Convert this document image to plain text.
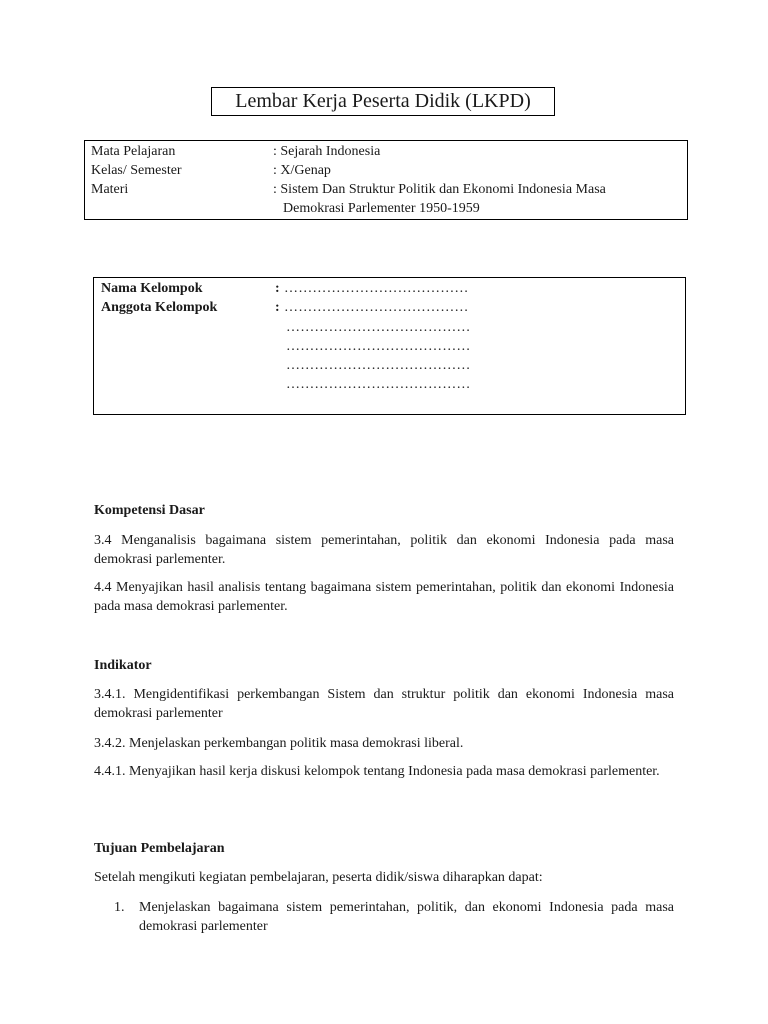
Lembar Kerja Peserta Didik (LKPD)
Mata Pelajaran	: Sejarah Indonesia
Kelas/ Semester	: X/Genap
Materi	: Sistem Dan Struktur Politik dan Ekonomi Indonesia Masa
Demokrasi Parlementer 1950-1959
Nama Kelompok	: …………………………………
Anggota Kelompok	: …………………………………
…………………………………
…………………………………
…………………………………
…………………………………
Kompetensi Dasar
3.4 Menganalisis bagaimana sistem pemerintahan, politik dan ekonomi Indonesia pada masa demokrasi parlementer.
4.4 Menyajikan hasil analisis tentang bagaimana sistem pemerintahan, politik dan ekonomi Indonesia pada masa demokrasi parlementer.
Indikator
3.4.1. Mengidentifikasi perkembangan Sistem dan struktur politik dan ekonomi Indonesia masa demokrasi parlementer
3.4.2. Menjelaskan perkembangan politik masa demokrasi liberal.
4.4.1. Menyajikan hasil kerja diskusi kelompok tentang Indonesia pada masa demokrasi parlementer.
Tujuan Pembelajaran
Setelah mengikuti kegiatan pembelajaran, peserta didik/siswa diharapkan dapat:
1. Menjelaskan bagaimana sistem pemerintahan, politik, dan ekonomi Indonesia pada masa demokrasi parlementer
